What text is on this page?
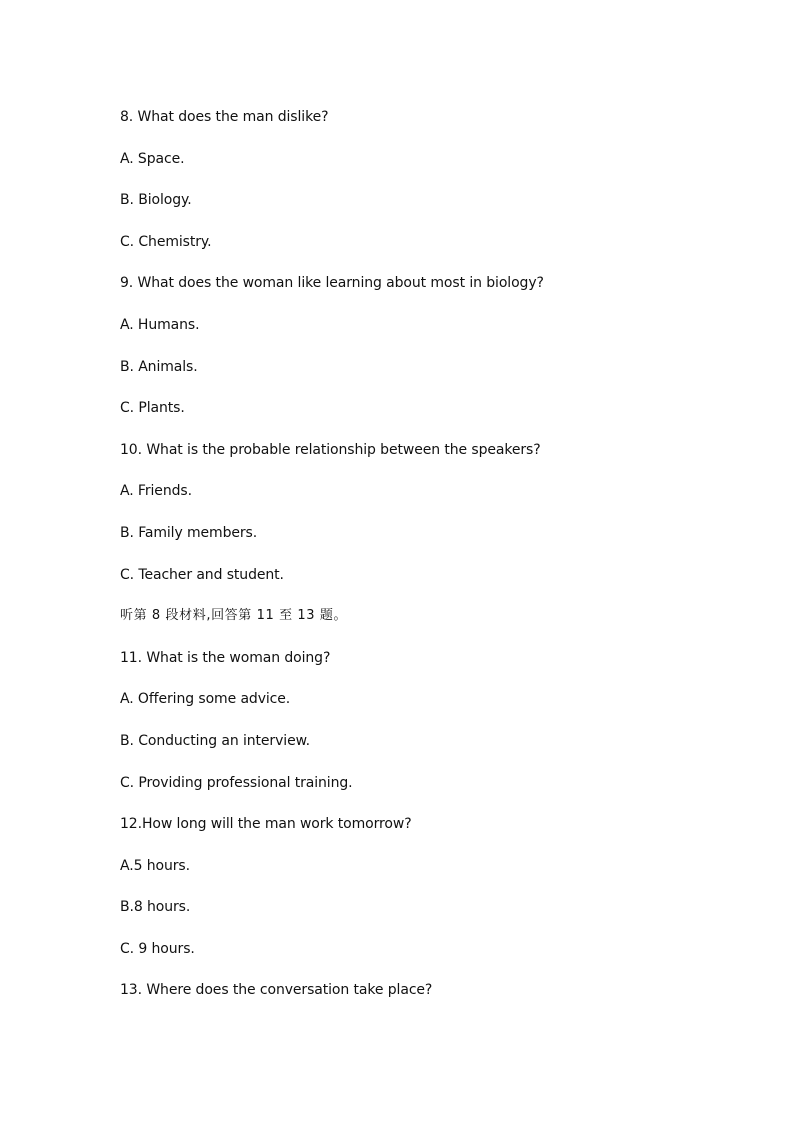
8. What does the man dislike?
A. Space.
B. Biology.
C. Chemistry.
9. What does the woman like learning about most in biology?
A. Humans.
B. Animals.
C. Plants.
10. What is the probable relationship between the speakers?
A. Friends.
B. Family members.
C. Teacher and student.
听第 8 段材料,回答第 11 至 13 题。
11. What is the woman doing?
A. Offering some advice.
B. Conducting an interview.
C. Providing professional training.
12.How long will the man work tomorrow?
A.5 hours.
B.8 hours.
C. 9 hours.
13. Where does the conversation take place?
